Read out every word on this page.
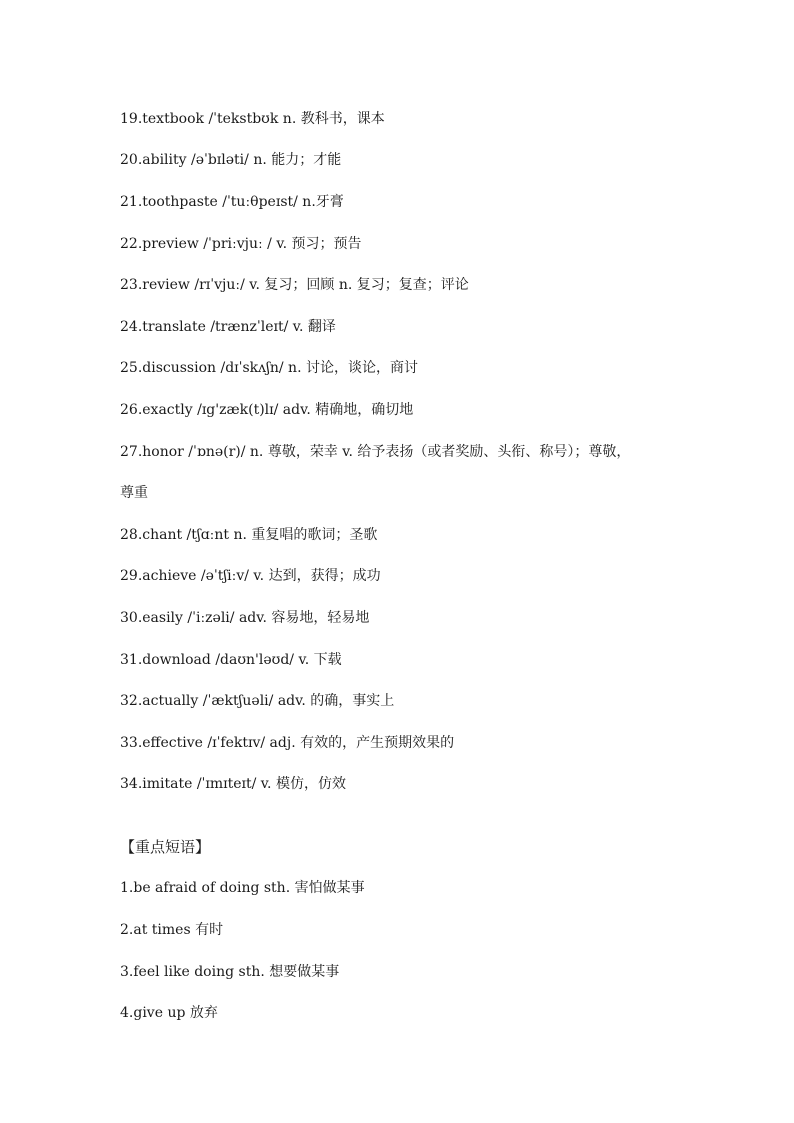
19.textbook /ˈtekstbʊk n. 教科书，课本
20.ability /əˈbɪləti/ n. 能力；才能
21.toothpaste /ˈtuːθpeɪst/ n.牙膏
22.preview /ˈpriːvjuː / v. 预习；预告
23.review /rɪˈvjuː/ v. 复习；回顾 n. 复习；复查；评论
24.translate /trænzˈleɪt/ v. 翻译
25.discussion /dɪˈskʌʃn/ n. 讨论，谈论，商讨
26.exactly /ɪg'zæk(t)lɪ/ adv. 精确地，确切地
27.honor /ˈɒnə(r)/ n. 尊敬，荣幸 v. 给予表扬（或者奖励、头衔、称号）；尊敬，
尊重
28.chant /tʃɑːnt n. 重复唱的歌词；圣歌
29.achieve /əˈtʃiːv/ v. 达到，获得；成功
30.easily /ˈiːzəli/ adv. 容易地，轻易地
31.download /daʊn'ləʊd/ v. 下载
32.actually /ˈæktʃuəli/ adv. 的确，事实上
33.effective /ɪˈfektɪv/ adj. 有效的，产生预期效果的
34.imitate /ˈɪmɪteɪt/ v. 模仿，仿效
【重点短语】
1.be afraid of doing sth. 害怕做某事
2.at times 有时
3.feel like doing sth. 想要做某事
4.give up 放弃
